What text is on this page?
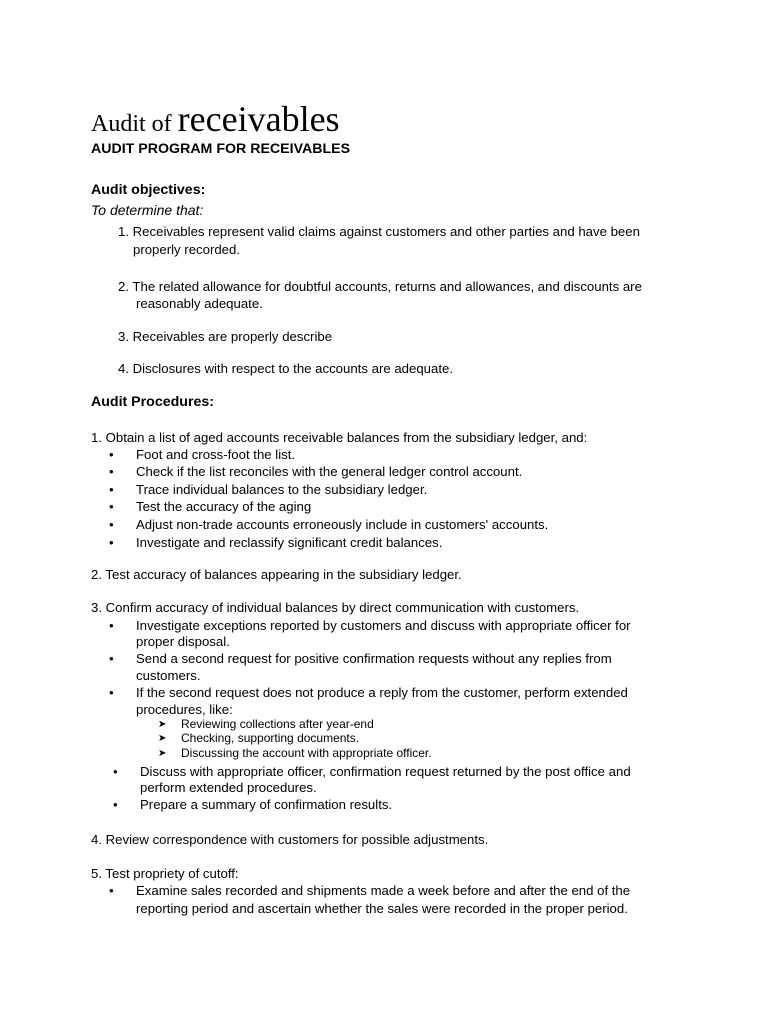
Audit of receivables
AUDIT PROGRAM FOR RECEIVABLES
Audit objectives:

To determine that:

1. Receivables represent valid claims against customers and other parties and have been

properly recorded.

2. The related allowance for doubtful accounts, returns and allowances, and discounts are

reasonably adequate.

3. Receivables are properly describe

4. Disclosures with respect to the accounts are adequate.

Audit Procedures:

1. Obtain a list of aged accounts receivable balances from the subsidiary ledger, and:

• Foot and cross-foot the list.

• Check if the list reconciles with the general ledger control account.

• Trace individual balances to the subsidiary ledger.

• Test the accuracy of the aging

• Adjust non-trade accounts erroneously include in customers' accounts.

• Investigate and reclassify significant credit balances.

2. Test accuracy of balances appearing in the subsidiary ledger.

3. Confirm accuracy of individual balances by direct communication with customers.

• Investigate exceptions reported by customers and discuss with appropriate officer for

proper disposal.

• Send a second request for positive confirmation requests without any replies from

customers.

• If the second request does not produce a reply from the customer, perform extended

procedures, like:

➤ Reviewing collections after year-end

➤ Checking, supporting documents.

➤ Discussing the account with appropriate officer.

• Discuss with appropriate officer, confirmation request returned by the post office and

perform extended procedures.

• Prepare a summary of confirmation results.

4. Review correspondence with customers for possible adjustments.

5. Test propriety of cutoff:

• Examine sales recorded and shipments made a week before and after the end of the

reporting period and ascertain whether the sales were recorded in the proper period.
